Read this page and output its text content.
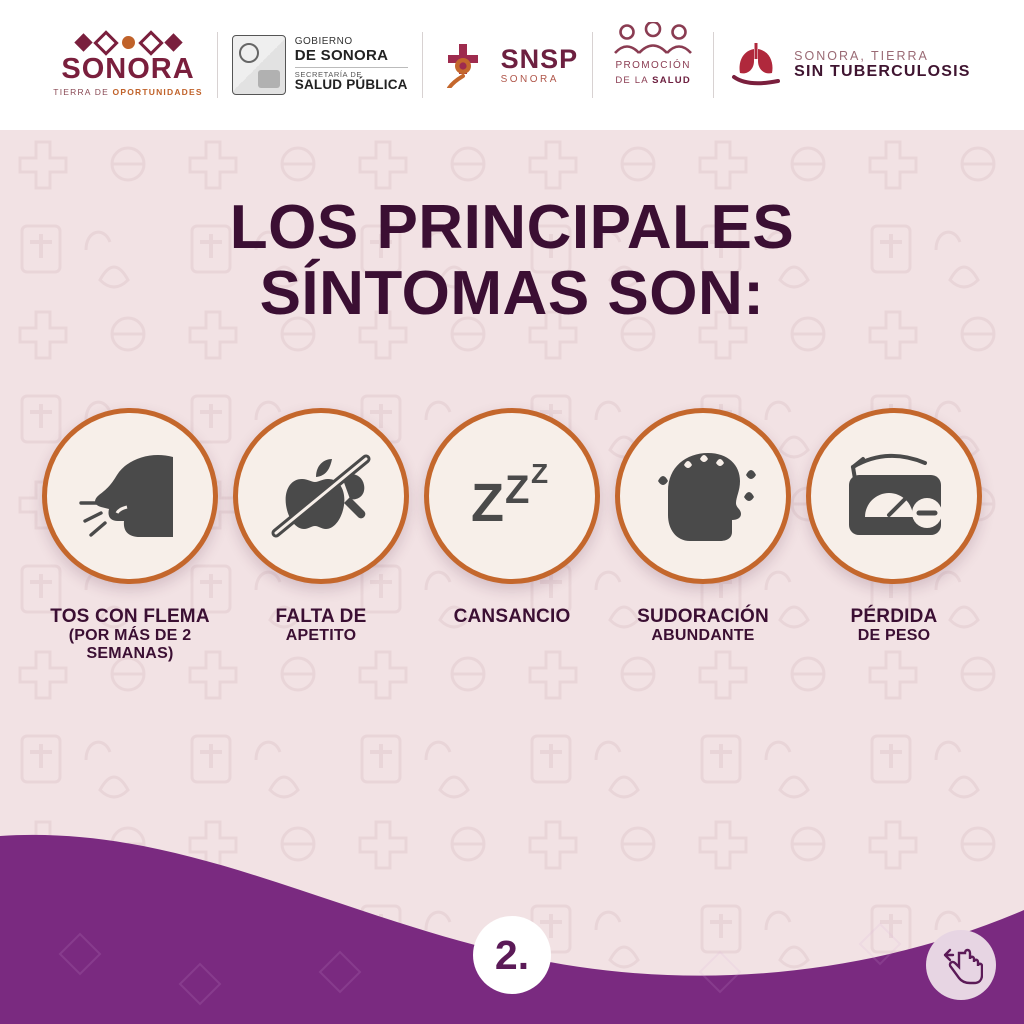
SONORA
TIERRA DE OPORTUNIDADES
GOBIERNO
DE SONORA
SECRETARÍA DE
SALUD PÚBLICA
SNSP
SONORA
PROMOCIÓN
DE LA SALUD
SONORA, TIERRA
SIN TUBERCULOSIS
LOS PRINCIPALES
SÍNTOMAS SON:
TOS CON FLEMA
(POR MÁS DE 2 SEMANAS)
FALTA DE
APETITO
Z Z Z
CANSANCIO	SUDORACIÓN
ABUNDANTE
PÉRDIDA
DE PESO
2.
